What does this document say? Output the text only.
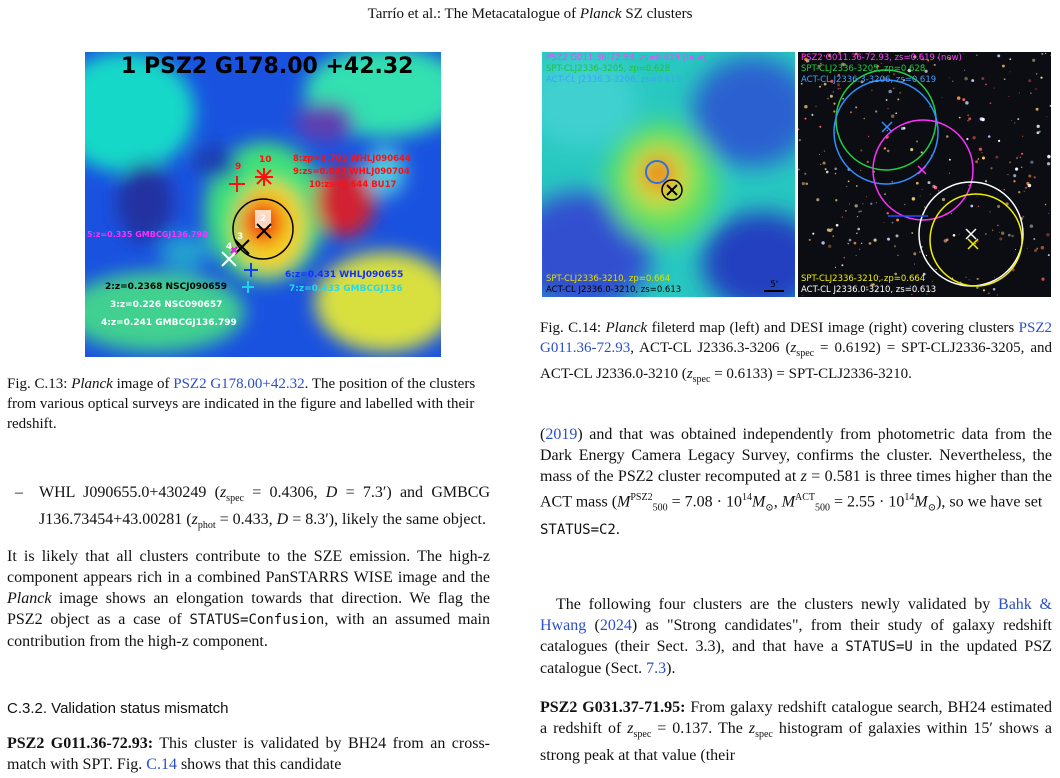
Tarrío et al.: The Metacatalogue of Planck SZ clusters
1 PSZ2 G178.00 +42.32
9
10
2
3
4
8:zp=0.703 WHLJ090644
9:zs=0.642 WHLJ090704
10:zs=0.644 BU17
5:z=0.335 GMBCGJ136.798
2:z=0.2368 NSCJ090659
3:z=0.226 NSC090657
4:z=0.241 GMBCGJ136.799
6:z=0.431 WHLJ090655
7:z=0.433 GMBCGJ136
Fig. C.13: Planck image of PSZ2 G178.00+42.32. The position of the clusters from various optical surveys are indicated in the figure and labelled with their redshift.
PSZ2 G011.36-72.93, zs=0.619 (new)
SPT-CLJ2336-3205, zp=0.628
ACT-CL J2336.3-3206, zs=0.619
SPT-CLJ2336-3210, zp=0.664
ACT-CL J2336.0-3210, zs=0.613	5'
PSZ2 G011.36-72.93, zs=0.619 (new)
SPT-CLJ2336-3205, zp=0.628
ACT-CL J2336.3-3206, zs=0.619
SPT-CLJ2336-3210, zp=0.664
ACT-CL J2336.0-3210, zs=0.613
Fig. C.14: Planck fileterd map (left) and DESI image (right) covering clusters PSZ2 G011.36-72.93, ACT-CL J2336.3-3206 $(z_{spec} = 0.6192) = SPT-CLJ2336-3205$, and ACT-CL J2336.0-3210 $(z_{spec} = 0.6133) = SPT-CLJ2336-3210$.
– WHL J090655.0+430249 ($z_{spec} = 0.4306$, D = 7.3′) and GMBCG J136.73454+43.00281 ($z_{phot} = 0.433$, D = 8.3′), likely the same object.
It is likely that all clusters contribute to the SZE emission. The high-z component appears rich in a combined PanSTARRS WISE image and the Planck image shows an elongation towards that direction. We flag the PSZ2 object as a case of STATUS=Confusion, with an assumed main contribution from the high-z component.
C.3.2. Validation status mismatch
PSZ2 G011.36-72.93: This cluster is validated by BH24 from an cross-match with SPT. Fig. C.14 shows that this candidate
(2019) and that was obtained independently from photometric data from the Dark Energy Camera Legacy Survey, confirms the cluster. Nevertheless, the mass of the PSZ2 cluster recomputed at z = 0.581 is three times higher than the ACT mass ($M^{PSZ2}_{500} = 7.08 \cdot 10^{14}M_⊙$, $M^{ACT}_{500} = 2.55 \cdot 10^{14}M_⊙$), so we have set
STATUS=C2.
The following four clusters are the clusters newly validated by Bahk & Hwang (2024) as "Strong candidates", from their study of galaxy redshift catalogues (their Sect. 3.3), and that have a STATUS=U in the updated PSZ catalogue (Sect. 7.3).
PSZ2 G031.37-71.95: From galaxy redshift catalogue search, BH24 estimated a redshift of $z_{spec} = 0.137$. The $z_{spec}$ histogram of galaxies within 15′ shows a strong peak at that value (their
